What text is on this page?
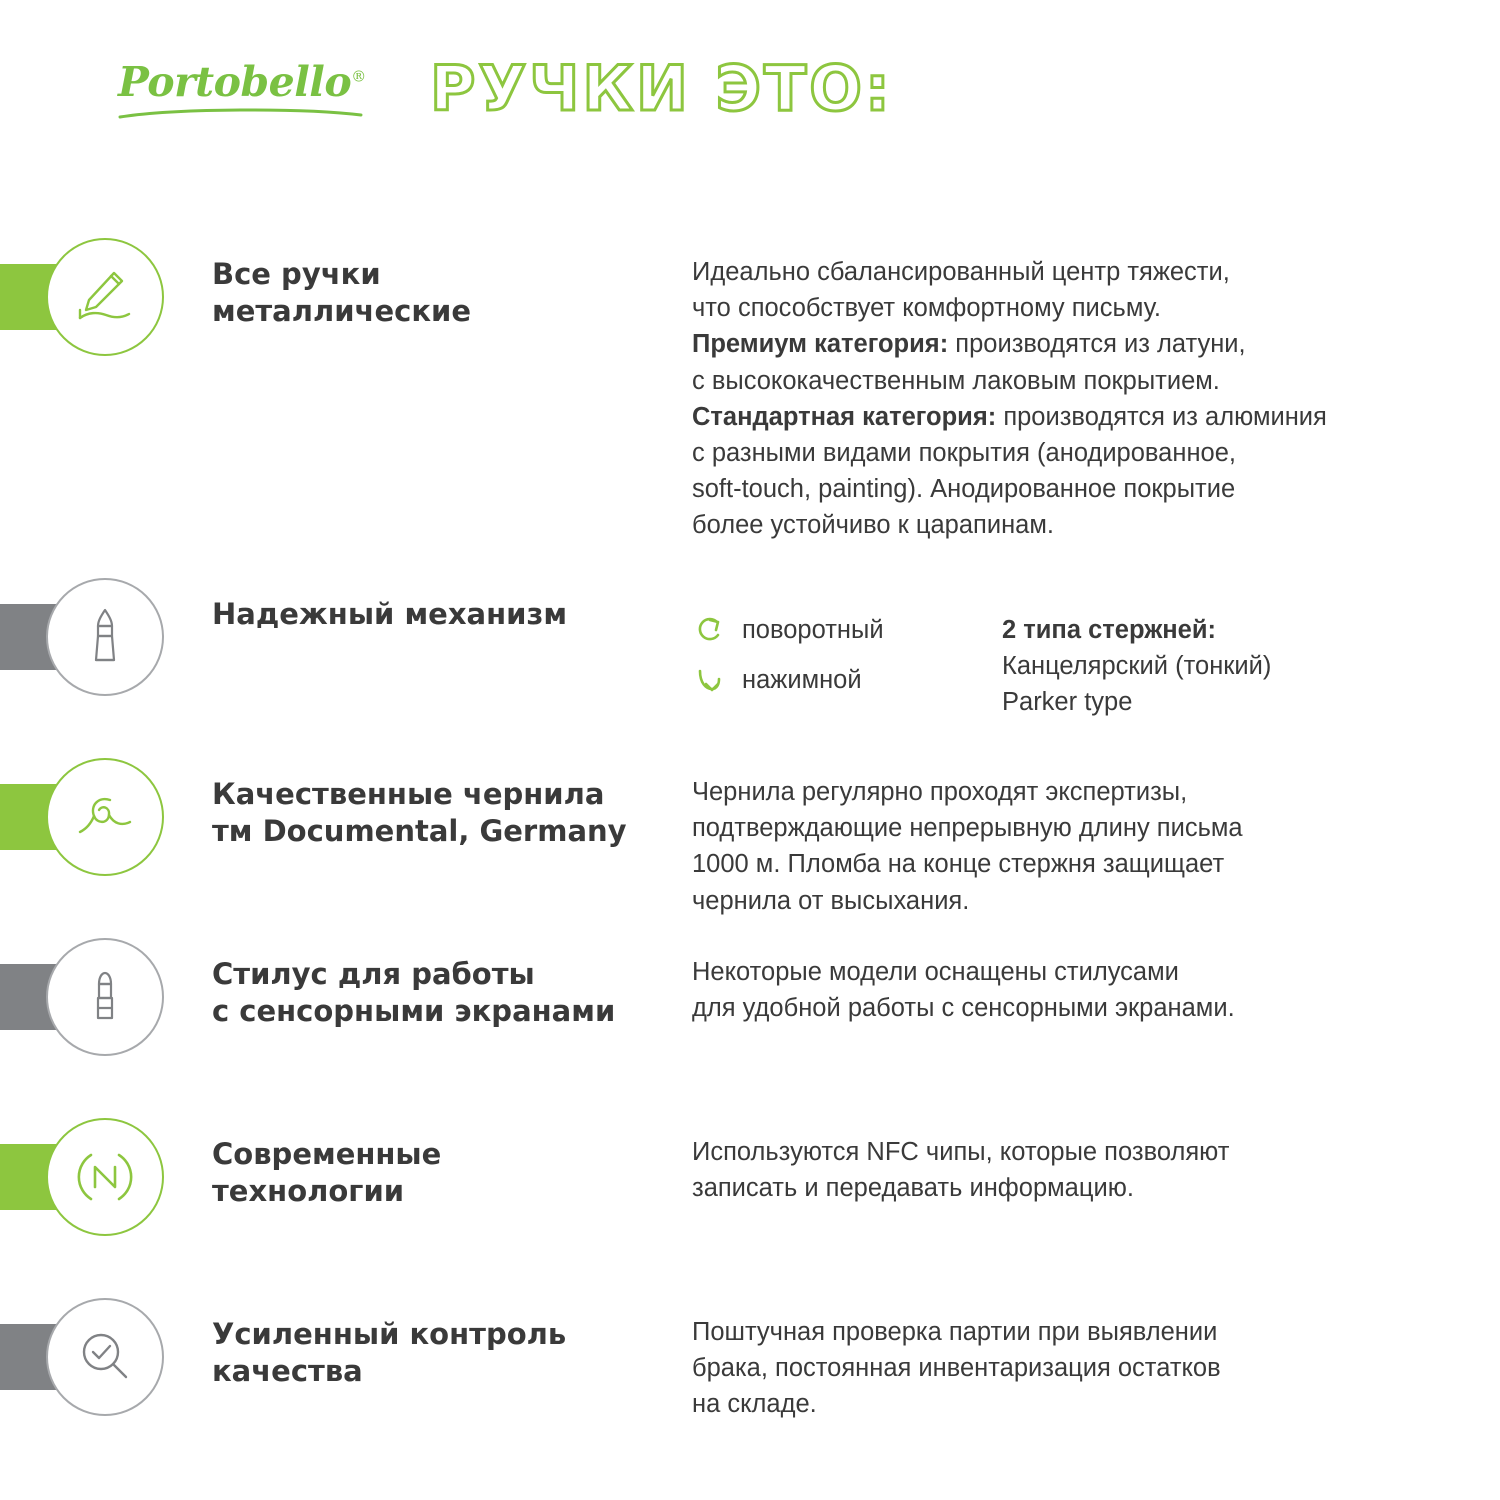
Portobello® РУЧКИ ЭТО:
Все ручки
металлические

Идеально сбалансированный центр тяжести,

что способствует комфортному письму.

Премиум категория: производятся из латуни,

с высококачественным лаковым покрытием.

Стандартная категория: производятся из алюминия

с разными видами покрытия (анодированное,

soft-touch, painting). Анодированное покрытие

более устойчиво к царапинам.

Надежный механизм	поворотный
нажимной
2 типа стержней:
Канцелярский (тонкий)
Parker type
Качественные чернила
тм Documental, Germany

Чернила регулярно проходят экспертизы,

подтверждающие непрерывную длину письма

1000 м. Пломба на конце стержня защищает

чернила от высыхания.

Стилус для работы
с сенсорными экранами

Некоторые модели оснащены стилусами

для удобной работы с сенсорными экранами.

Современные
технологии

Используются NFC чипы, которые позволяют

записать и передавать информацию.

Усиленный контроль
качества

Поштучная проверка партии при выявлении

брака, постоянная инвентаризация остатков

на складе.
